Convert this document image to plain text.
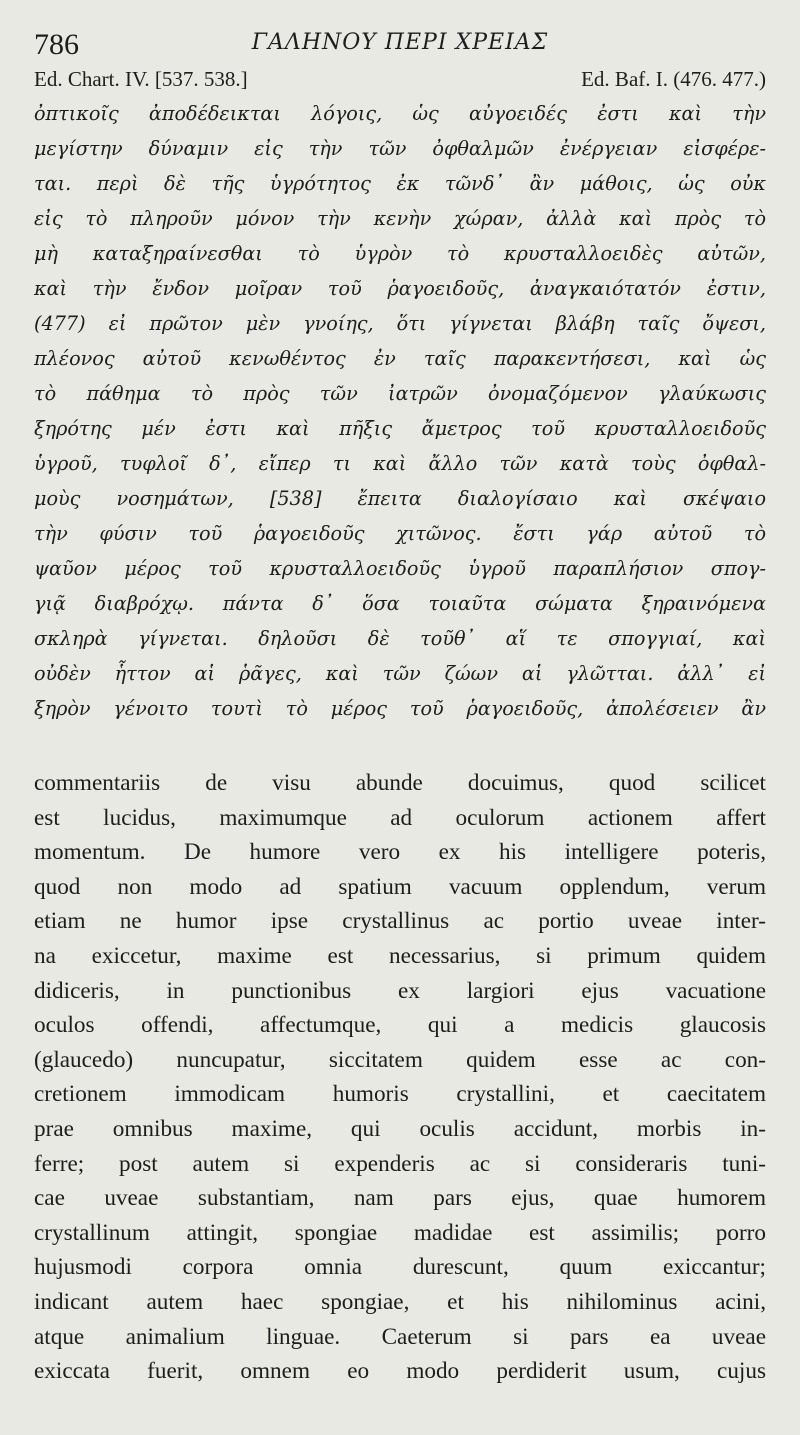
786	ΓΑΛΗΝΟΥ ΠΕΡΙ ΧΡΕΙΑΣ
Ed. Chart. IV. [537. 538.]	Ed. Baf. I. (476. 477.)
ὀπτικοῖς ἀποδέδεικται λόγοις, ὡς αὐγοειδές ἐστι καὶ τὴν
μεγίστην δύναμιν εἰς τὴν τῶν ὀφθαλμῶν ἐνέργειαν εἰσφέρε-
ται. περὶ δὲ τῆς ὑγρότητος ἐκ τῶνδ᾽ ἂν μάθοις, ὡς οὐκ
εἰς τὸ πληροῦν μόνον τὴν κενὴν χώραν, ἀλλὰ καὶ πρὸς τὸ
μὴ καταξηραίνεσθαι τὸ ὑγρὸν τὸ κρυσταλλοειδὲς αὐτῶν,
καὶ τὴν ἔνδον μοῖραν τοῦ ῥαγοειδοῦς, ἀναγκαιότατόν ἐστιν,
(477) εἰ πρῶτον μὲν γνοίης, ὅτι γίγνεται βλάβη ταῖς ὄψεσι,
πλέονος αὐτοῦ κενωθέντος ἐν ταῖς παρακεντήσεσι, καὶ ὡς
τὸ πάθημα τὸ πρὸς τῶν ἰατρῶν ὀνομαζόμενον γλαύκωσις
ξηρότης μέν ἐστι καὶ πῆξις ἄμετρος τοῦ κρυσταλλοειδοῦς
ὑγροῦ, τυφλοῖ δ᾽, εἴπερ τι καὶ ἄλλο τῶν κατὰ τοὺς ὀφθαλ-
μοὺς νοσημάτων, [538] ἔπειτα διαλογίσαιο καὶ σκέψαιο
τὴν φύσιν τοῦ ῥαγοειδοῦς χιτῶνος. ἔστι γάρ αὐτοῦ τὸ
ψαῦον μέρος τοῦ κρυσταλλοειδοῦς ὑγροῦ παραπλήσιον σπογ-
γιᾷ διαβρόχῳ. πάντα δ᾽ ὅσα τοιαῦτα σώματα ξηραινόμενα
σκληρὰ γίγνεται. δηλοῦσι δὲ τοῦθ᾽ αἵ τε σπογγιαί, καὶ
οὐδὲν ἧττον αἱ ῥᾶγες, καὶ τῶν ζώων αἱ γλῶτται. ἀλλ᾽ εἰ
ξηρὸν γένοιτο τουτὶ τὸ μέρος τοῦ ῥαγοειδοῦς, ἀπολέσειεν ἂν
commentariis de visu abunde docuimus, quod scilicet
est lucidus, maximumque ad oculorum actionem affert
momentum. De humore vero ex his intelligere poteris,
quod non modo ad spatium vacuum opplendum, verum
etiam ne humor ipse crystallinus ac portio uveae inter-
na exiccetur, maxime est necessarius, si primum quidem
didiceris, in punctionibus ex largiori ejus vacuatione
oculos offendi, affectumque, qui a medicis glaucosis
(glaucedo) nuncupatur, siccitatem quidem esse ac con-
cretionem immodicam humoris crystallini, et caecitatem
prae omnibus maxime, qui oculis accidunt, morbis in-
ferre; post autem si expenderis ac si consideraris tuni-
cae uveae substantiam, nam pars ejus, quae humorem
crystallinum attingit, spongiae madidae est assimilis; porro
hujusmodi corpora omnia durescunt, quum exiccantur;
indicant autem haec spongiae, et his nihilominus acini,
atque animalium linguae. Caeterum si pars ea uveae
exiccata fuerit, omnem eo modo perdiderit usum, cujus
